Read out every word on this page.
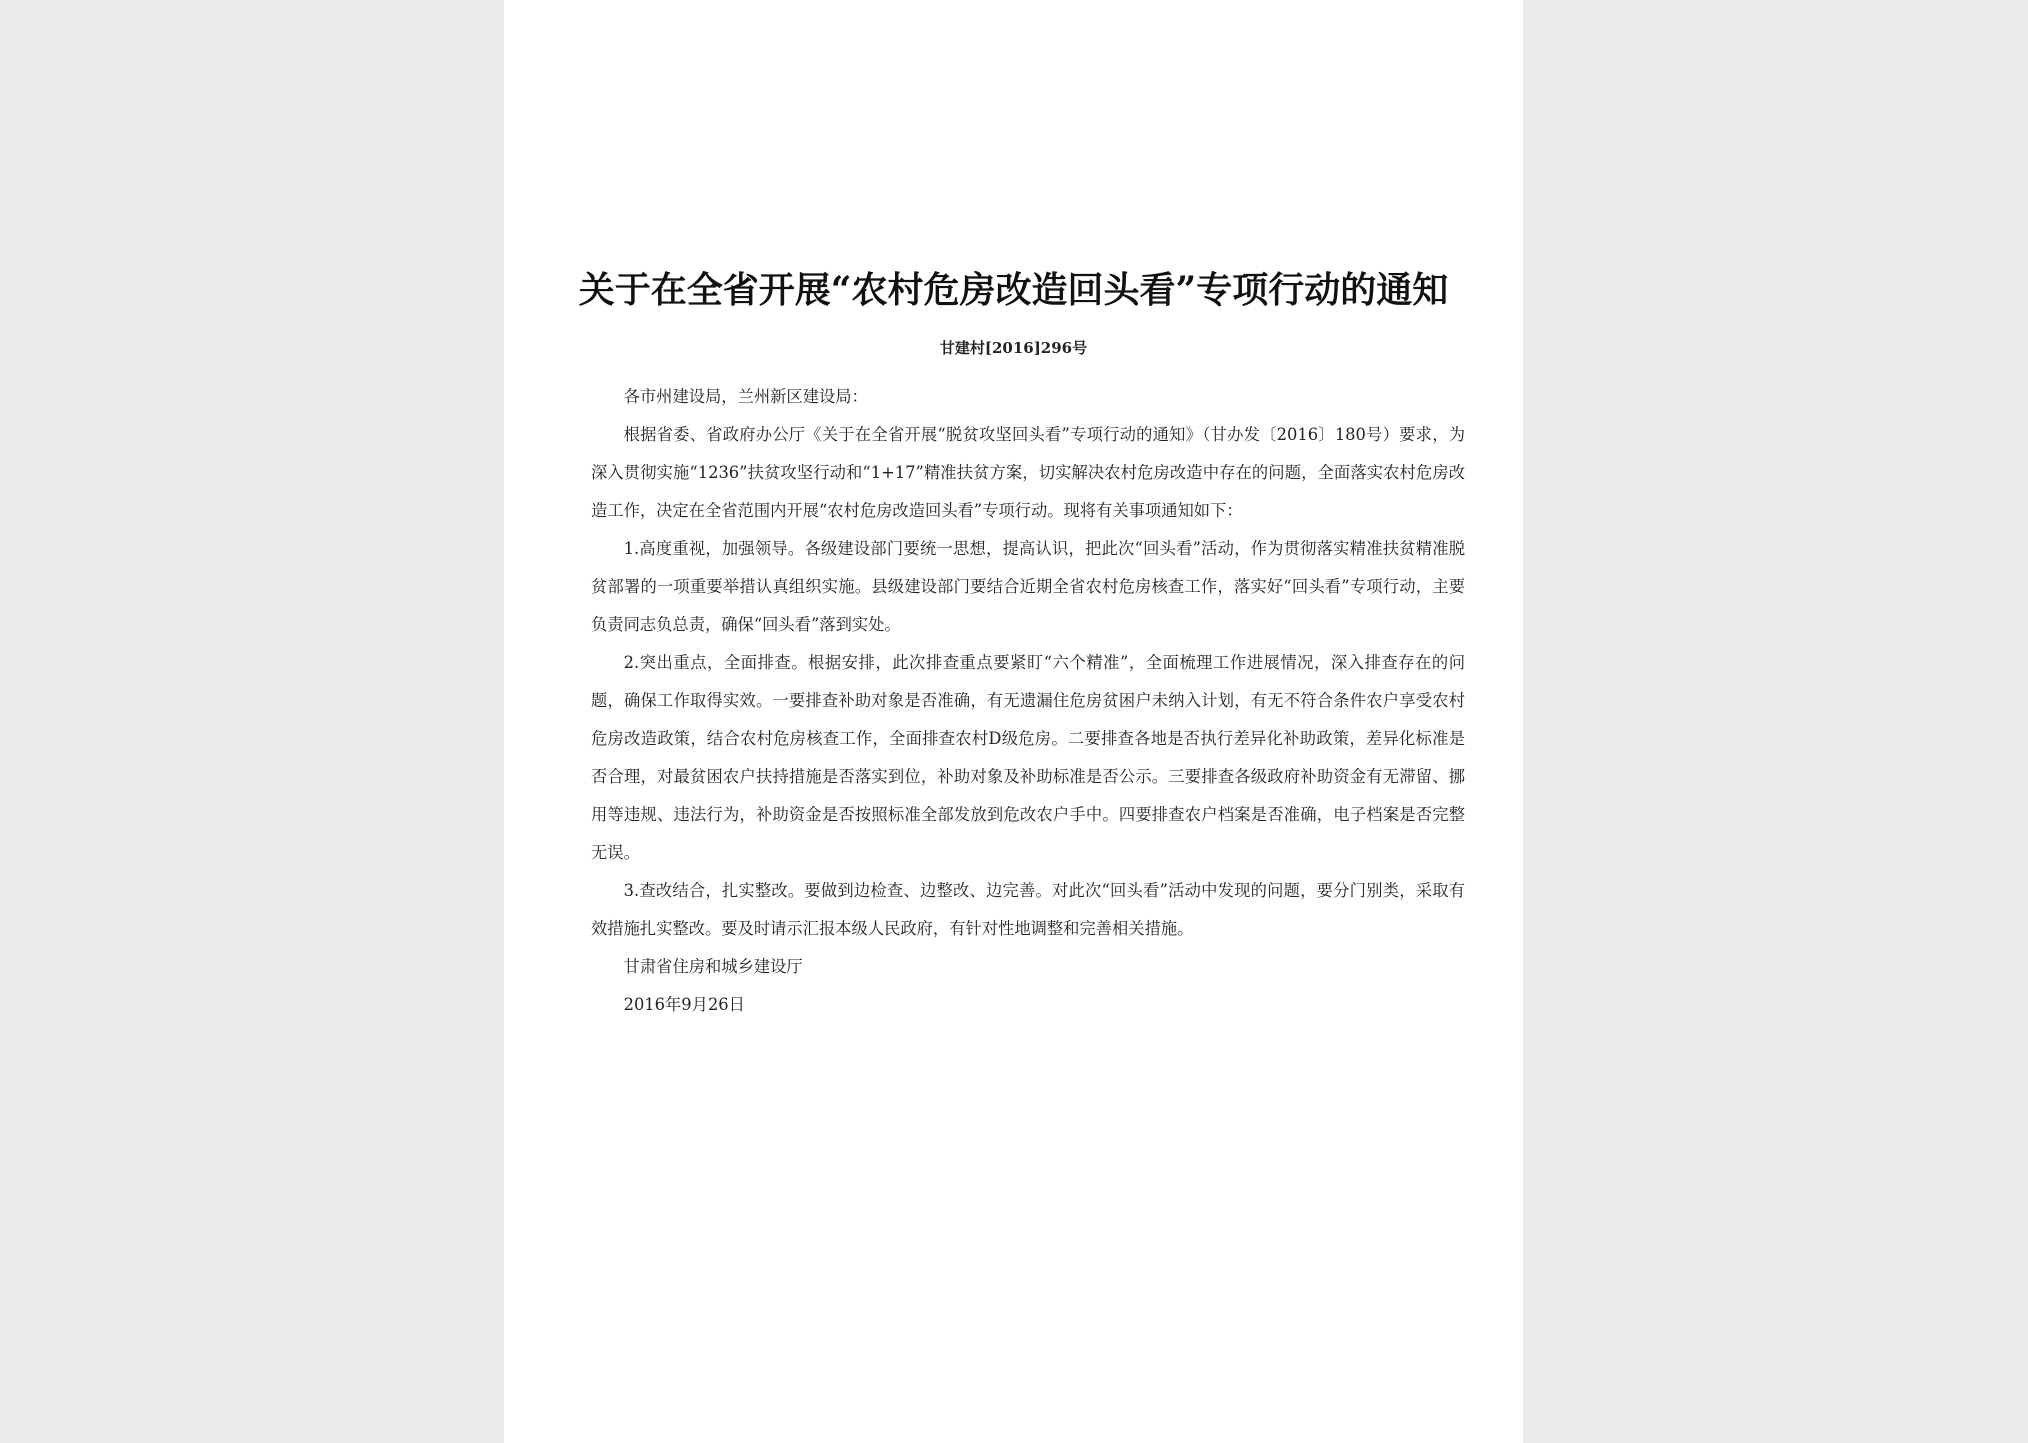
关于在全省开展“农村危房改造回头看”专项行动的通知
甘建村[2016]296号

各市州建设局，兰州新区建设局：

根据省委、省政府办公厅《关于在全省开展“脱贫攻坚回头看”专项行动的通知》（甘办发〔2016〕180号）要求，为深入贯彻实施“1236”扶贫攻坚行动和“1+17”精准扶贫方案，切实解决农村危房改造中存在的问题，全面落实农村危房改造工作，决定在全省范围内开展“农村危房改造回头看”专项行动。现将有关事项通知如下：

1.高度重视，加强领导。各级建设部门要统一思想，提高认识，把此次“回头看”活动，作为贯彻落实精准扶贫精准脱贫部署的一项重要举措认真组织实施。县级建设部门要结合近期全省农村危房核查工作，落实好“回头看”专项行动，主要负责同志负总责，确保“回头看”落到实处。

2.突出重点，全面排查。根据安排，此次排查重点要紧盯“六个精准”，全面梳理工作进展情况，深入排查存在的问题，确保工作取得实效。一要排查补助对象是否准确，有无遗漏住危房贫困户未纳入计划，有无不符合条件农户享受农村危房改造政策，结合农村危房核查工作，全面排查农村D级危房。二要排查各地是否执行差异化补助政策，差异化标准是否合理，对最贫困农户扶持措施是否落实到位，补助对象及补助标准是否公示。三要排查各级政府补助资金有无滞留、挪用等违规、违法行为，补助资金是否按照标准全部发放到危改农户手中。四要排查农户档案是否准确，电子档案是否完整无误。

3.查改结合，扎实整改。要做到边检查、边整改、边完善。对此次“回头看”活动中发现的问题，要分门别类，采取有效措施扎实整改。要及时请示汇报本级人民政府，有针对性地调整和完善相关措施。

甘肃省住房和城乡建设厅

2016年9月26日
